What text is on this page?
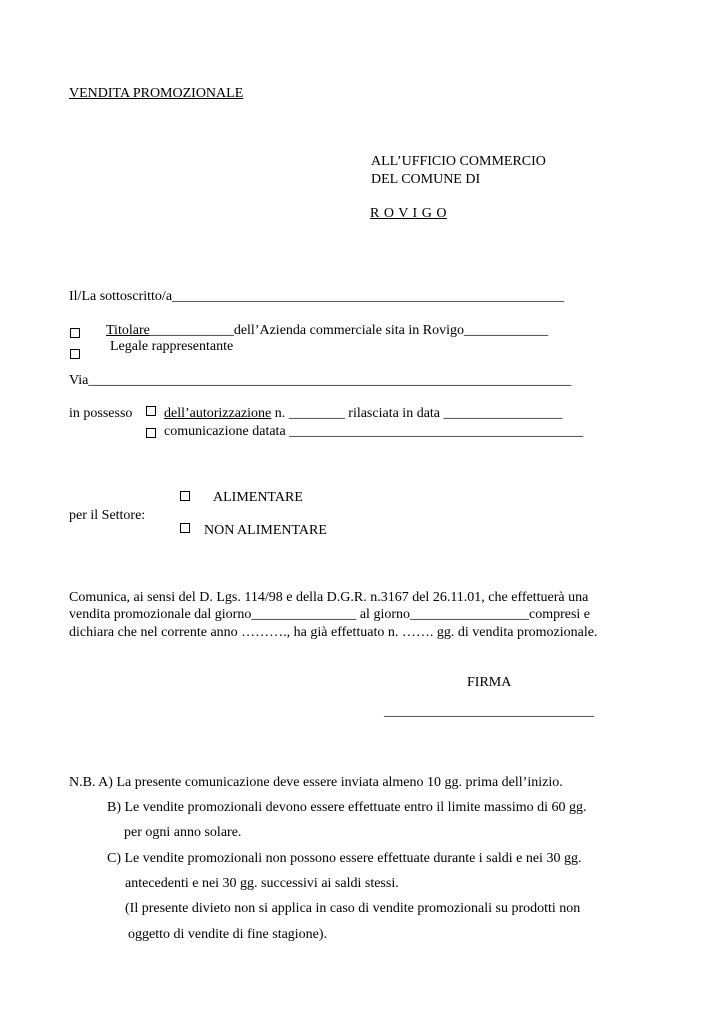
VENDITA PROMOZIONALE
ALL’UFFICIO COMMERCIO
DEL COMUNE DI
R O V I G O
Il/La sottoscritto/a________________________________________________________
Titolare____________dell’Azienda commerciale sita in Rovigo____________
Legale rappresentante
Via_____________________________________________________________________
in possesso dell’autorizzazione n. ________ rilasciata in data _________________
comunicazione datata __________________________________________
ALIMENTARE
per il Settore:
NON ALIMENTARE
Comunica, ai sensi del D. Lgs. 114/98 e della D.G.R. n.3167 del 26.11.01, che effettuerà una
vendita promozionale dal giorno_______________ al giorno_________________compresi e
dichiara che nel corrente anno ………., ha già effettuato n. ……. gg. di vendita promozionale.
FIRMA
______________________________
N.B. A) La presente comunicazione deve essere inviata almeno 10 gg. prima dell’inizio.
B) Le vendite promozionali devono essere effettuate entro il limite massimo di 60 gg.
per ogni anno solare.
C) Le vendite promozionali non possono essere effettuate durante i saldi e nei 30 gg.
antecedenti e nei 30 gg. successivi ai saldi stessi.
(Il presente divieto non si applica in caso di vendite promozionali su prodotti non
oggetto di vendite di fine stagione).
